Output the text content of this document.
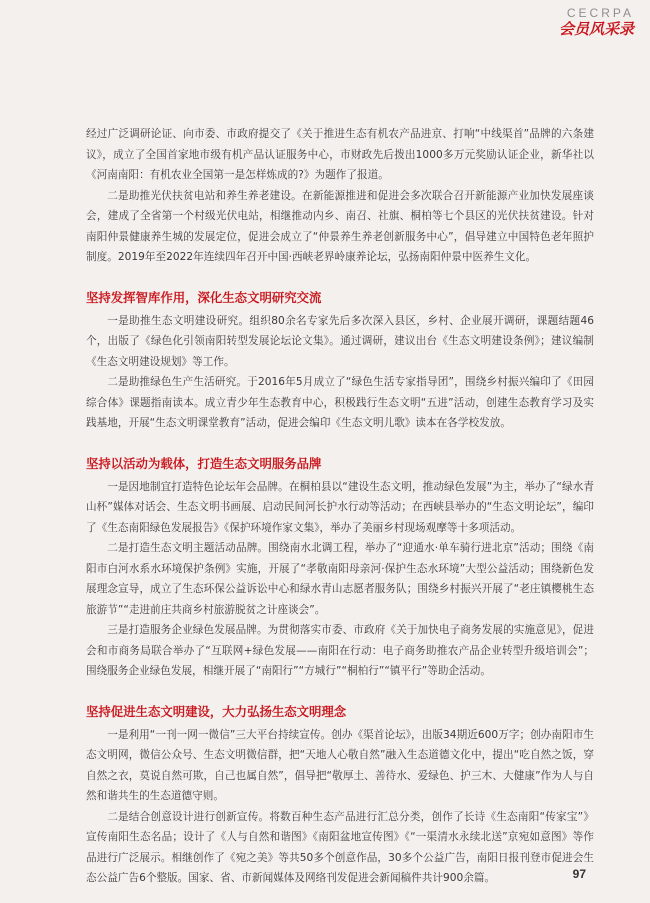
CECRPA
会员风采录

经过广泛调研论证、向市委、市政府提交了《关于推进生态有机农产品进京、打响“中线渠首”品牌的六条建议》，成立了全国首家地市级有机产品认证服务中心，市财政先后拨出1000多万元奖励认证企业，新华社以《河南南阳：有机农业全国第一是怎样炼成的?》为题作了报道。

二是助推光伏扶贫电站和养生养老建设。在新能源推进和促进会多次联合召开新能源产业加快发展座谈会，建成了全省第一个村级光伏电站，相继推动内乡、南召、社旗、桐柏等七个县区的光伏扶贫建设。针对南阳仲景健康养生城的发展定位，促进会成立了“仲景养生养老创新服务中心”，倡导建立中国特色老年照护制度。2019年至2022年连续四年召开中国·西峡老界岭康养论坛，弘扬南阳仲景中医养生文化。

坚持发挥智库作用，深化生态文明研究交流

一是助推生态文明建设研究。组织80余名专家先后多次深入县区，乡村、企业展开调研，课题结题46个，出版了《绿色化引领南阳转型发展论坛论文集》。通过调研，建议出台《生态文明建设条例》；建议编制《生态文明建设规划》等工作。

二是助推绿色生产生活研究。于2016年5月成立了“绿色生活专家指导团”，围绕乡村振兴编印了《田园综合体》课题指南读本。成立青少年生态教育中心，积极践行生态文明“五进”活动，创建生态教育学习及实践基地，开展“生态文明课堂教育”活动，促进会编印《生态文明儿歌》读本在各学校发放。

坚持以活动为载体，打造生态文明服务品牌

一是因地制宜打造特色论坛年会品牌。在桐柏县以“建设生态文明，推动绿色发展”为主，举办了“绿水青山杯”媒体对话会、生态文明书画展、启动民间河长护水行动等活动；在西峡县举办的“生态文明论坛”，编印了《生态南阳绿色发展报告》《保护环境作家文集》，举办了美丽乡村现场观摩等十多项活动。

二是打造生态文明主题活动品牌。围绕南水北调工程，举办了“迎通水·单车骑行进北京”活动；围绕《南阳市白河水系水环境保护条例》实施，开展了“孝敬南阳母亲河·保护生态水环境”大型公益活动；围绕新色发展理念宣导，成立了生态环保公益诉讼中心和绿水青山志愿者服务队；围绕乡村振兴开展了“老庄镇樱桃生态旅游节”“走进前庄共商乡村旅游脱贫之计座谈会”。

三是打造服务企业绿色发展品牌。为贯彻落实市委、市政府《关于加快电子商务发展的实施意见》，促进会和市商务局联合举办了“互联网+绿色发展——南阳在行动：电子商务助推农产品企业转型升级培训会”；围绕服务企业绿色发展，相继开展了“南阳行”“方城行”“桐柏行”“镇平行”等助企活动。

坚持促进生态文明建设，大力弘扬生态文明理念

一是利用“一刊一网一微信”三大平台持续宣传。创办《渠首论坛》，出版34期近600万字；创办南阳市生态文明网，微信公众号、生态文明微信群，把“天地人心敬自然”融入生态道德文化中，提出“吃自然之饭，穿自然之衣，莫说自然可欺，自己也属自然”，倡导把“敬厚土、善待水、爱绿色、护三木、大健康”作为人与自然和谐共生的生态道德守则。

二是结合创意设计进行创新宣传。将数百种生态产品进行汇总分类，创作了长诗《生态南阳“传家宝”》宣传南阳生态名品；设计了《人与自然和谐图》《南阳盆地宣传图》《“一渠清水永续北送”京宛如意图》等作品进行广泛展示。相继创作了《宛之美》等共50多个创意作品，30多个公益广告，南阳日报刊登市促进会生态公益广告6个整版。国家、省、市新闻媒体及网络刊发促进会新闻稿件共计900余篇。	97
